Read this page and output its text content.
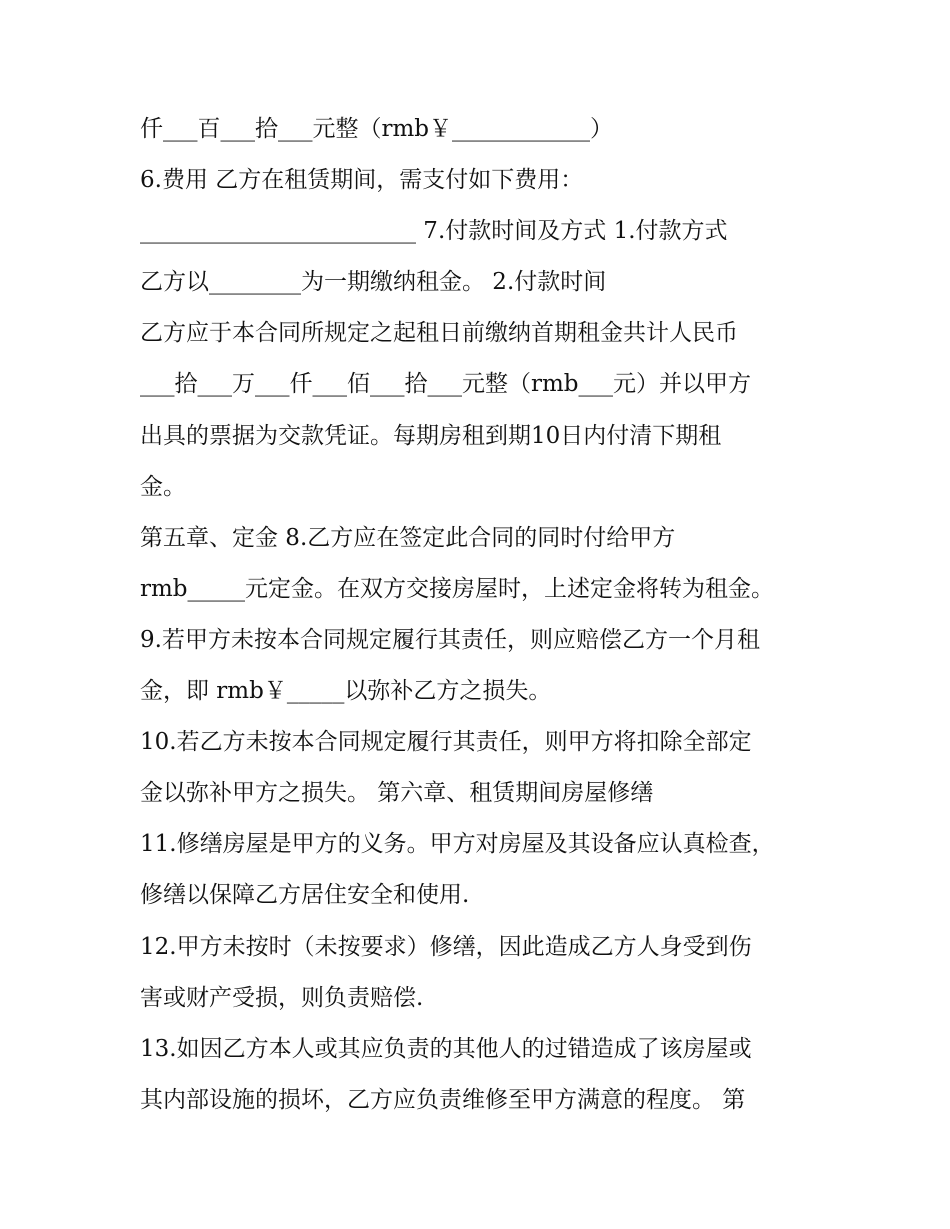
仟___百___拾___元整（rmb￥____________）
6.费用 乙方在租赁期间，需支付如下费用：
________________________ 7.付款时间及方式 1.付款方式
乙方以________为一期缴纳租金。 2.付款时间
乙方应于本合同所规定之起租日前缴纳首期租金共计人民币
___拾___万___仟___佰___拾___元整（rmb___元）并以甲方
出具的票据为交款凭证。每期房租到期10日内付清下期租
金。
第五章、定金 8.乙方应在签定此合同的同时付给甲方
rmb_____元定金。在双方交接房屋时，上述定金将转为租金。
9.若甲方未按本合同规定履行其责任，则应赔偿乙方一个月租
金，即 rmb￥_____以弥补乙方之损失。
10.若乙方未按本合同规定履行其责任，则甲方将扣除全部定
金以弥补甲方之损失。 第六章、租赁期间房屋修缮
11.修缮房屋是甲方的义务。甲方对房屋及其设备应认真检查，
修缮以保障乙方居住安全和使用.
12.甲方未按时（未按要求）修缮，因此造成乙方人身受到伤
害或财产受损，则负责赔偿.
13.如因乙方本人或其应负责的其他人的过错造成了该房屋或
其内部设施的损坏，乙方应负责维修至甲方满意的程度。 第
